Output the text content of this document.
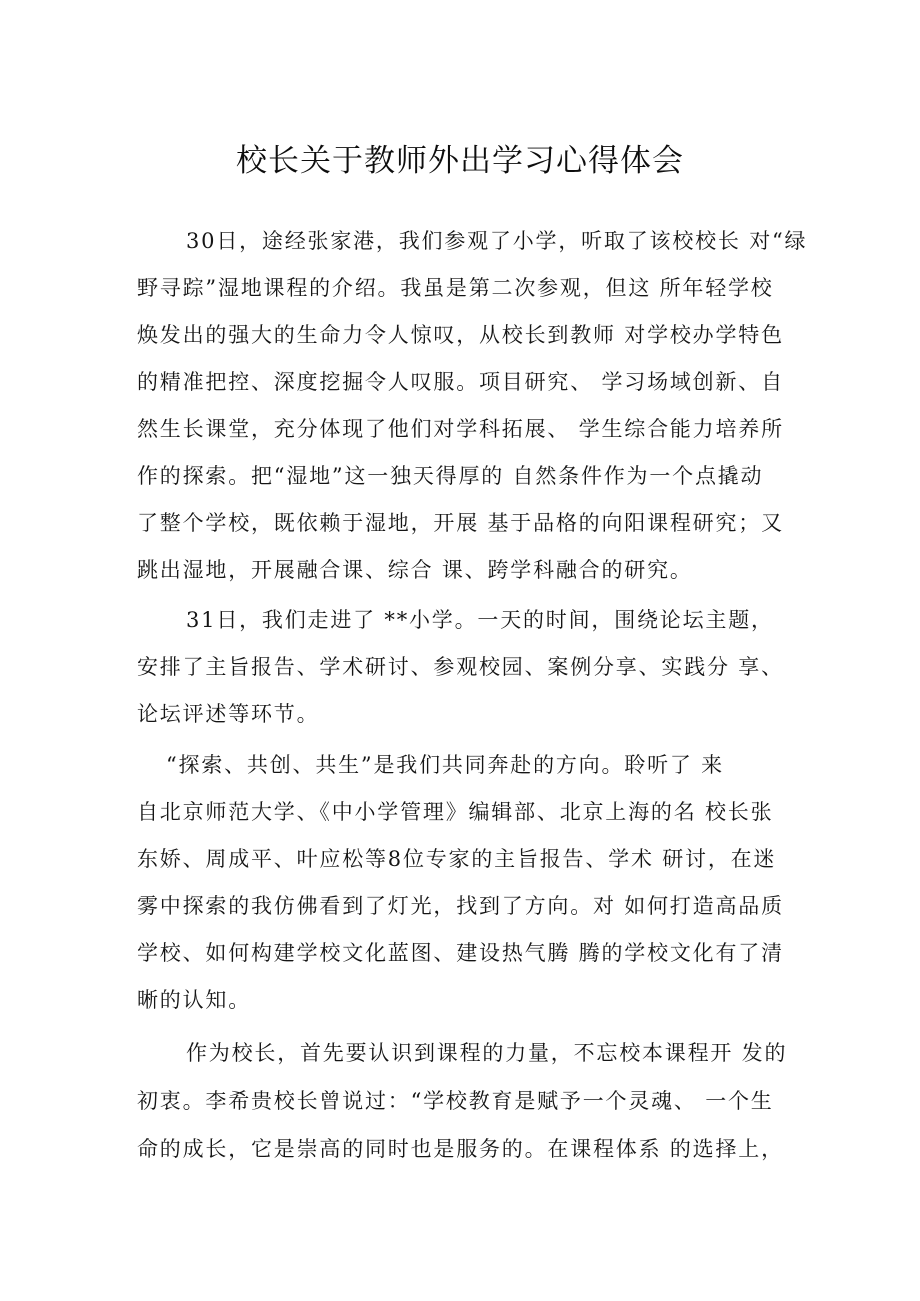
校长关于教师外出学习心得体会
30日，途经张家港，我们参观了小学，听取了该校校长 对“绿
野寻踪”湿地课程的介绍。我虽是第二次参观，但这 所年轻学校
焕发出的强大的生命力令人惊叹，从校长到教师 对学校办学特色
的精准把控、深度挖掘令人叹服。项目研究、 学习场域创新、自
然生长课堂，充分体现了他们对学科拓展、 学生综合能力培养所
作的探索。把“湿地”这一独天得厚的 自然条件作为一个点撬动
了整个学校，既依赖于湿地，开展 基于品格的向阳课程研究；又
跳出湿地，开展融合课、综合 课、跨学科融合的研究。
31日，我们走进了 **小学。一天的时间，围绕论坛主题，
安排了主旨报告、学术研讨、参观校园、案例分享、实践分 享、
论坛评述等环节。
“探索、共创、共生”是我们共同奔赴的方向。聆听了 来
自北京师范大学、《中小学管理》编辑部、北京上海的名 校长张
东娇、周成平、叶应松等8位专家的主旨报告、学术 研讨，在迷
雾中探索的我仿佛看到了灯光，找到了方向。对 如何打造高品质
学校、如何构建学校文化蓝图、建设热气腾 腾的学校文化有了清
晰的认知。
作为校长，首先要认识到课程的力量，不忘校本课程开 发的
初衷。李希贵校长曾说过：“学校教育是赋予一个灵魂、 一个生
命的成长，它是崇高的同时也是服务的。在课程体系 的选择上，
